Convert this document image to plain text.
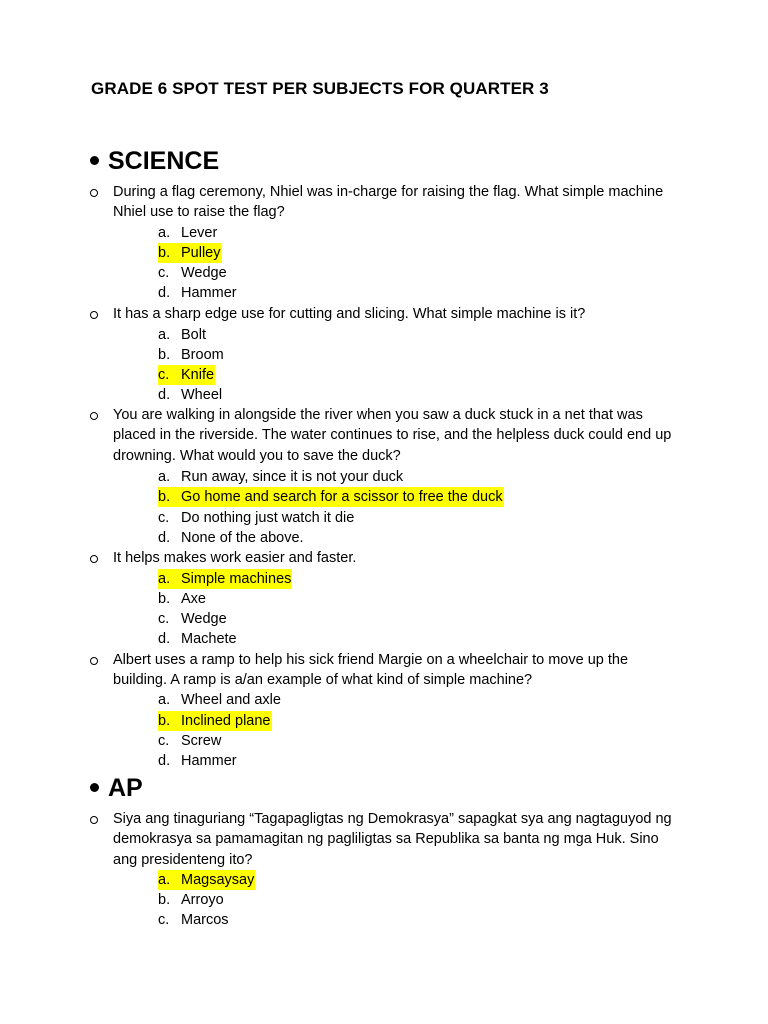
GRADE 6 SPOT TEST PER SUBJECTS FOR QUARTER 3
SCIENCE
During a flag ceremony, Nhiel was in-charge for raising the flag. What simple machine Nhiel use to raise the flag?
a. Lever
b. Pulley
c. Wedge
d. Hammer
It has a sharp edge use for cutting and slicing. What simple machine is it?
a. Bolt
b. Broom
c. Knife
d. Wheel
You are walking in alongside the river when you saw a duck stuck in a net that was placed in the riverside. The water continues to rise, and the helpless duck could end up drowning. What would you to save the duck?
a. Run away, since it is not your duck
b. Go home and search for a scissor to free the duck
c. Do nothing just watch it die
d. None of the above.
It helps makes work easier and faster.
a. Simple machines
b. Axe
c. Wedge
d. Machete
Albert uses a ramp to help his sick friend Margie on a wheelchair to move up the building. A ramp is a/an example of what kind of simple machine?
a. Wheel and axle
b. Inclined plane
c. Screw
d. Hammer
AP
Siya ang tinaguriang “Tagapagligtas ng Demokrasya” sapagkat sya ang nagtaguyod ng demokrasya sa pamamagitan ng pagliligtas sa Republika sa banta ng mga Huk. Sino ang presidenteng ito?
a. Magsaysay
b. Arroyo
c. Marcos
